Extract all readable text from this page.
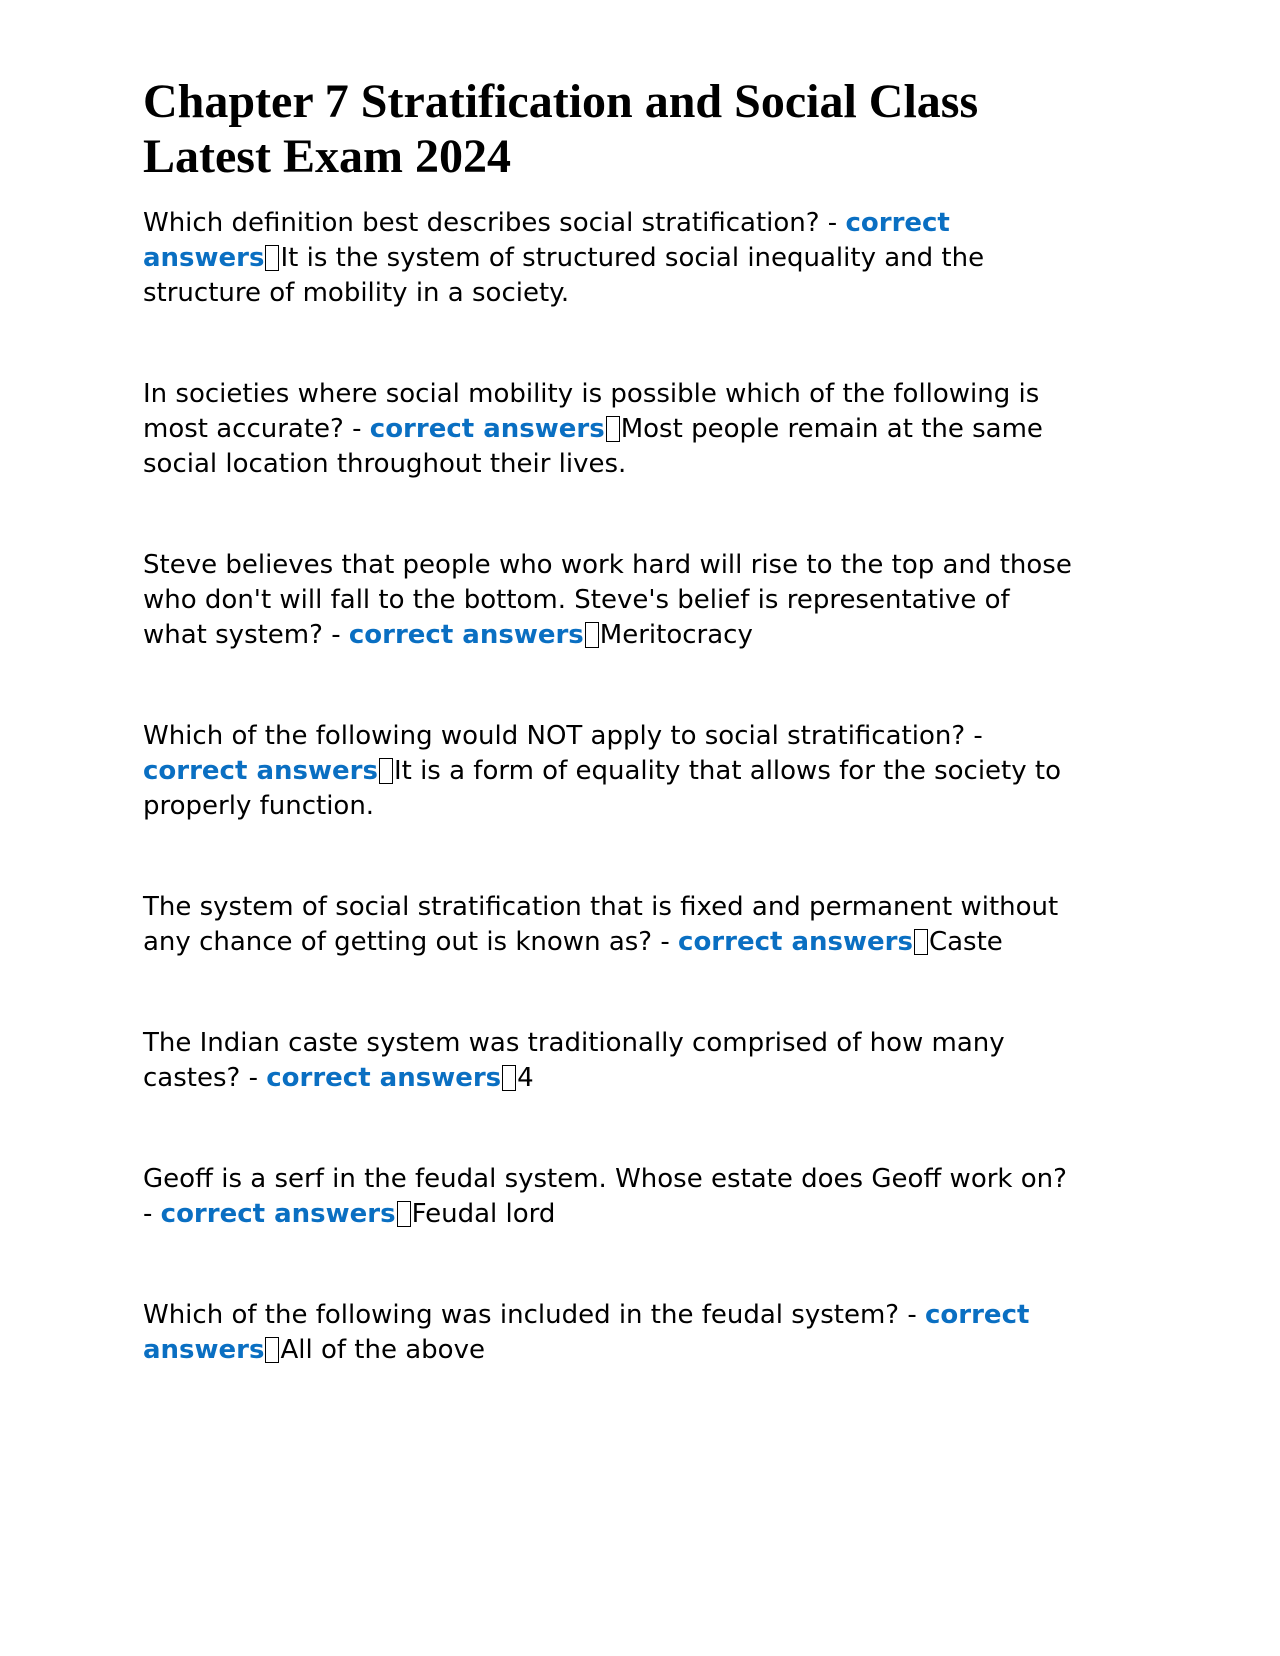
Chapter 7 Stratification and Social Class Latest Exam 2024

Which definition best describes social stratification? - correct answers It is the system of structured social inequality and the structure of mobility in a society.

In societies where social mobility is possible which of the following is most accurate? - correct answers Most people remain at the same social location throughout their lives.

Steve believes that people who work hard will rise to the top and those who don't will fall to the bottom. Steve's belief is representative of what system? - correct answers Meritocracy

Which of the following would NOT apply to social stratification? - correct answers It is a form of equality that allows for the society to properly function.

The system of social stratification that is fixed and permanent without any chance of getting out is known as? - correct answers Caste

The Indian caste system was traditionally comprised of how many castes? - correct answers 4

Geoff is a serf in the feudal system. Whose estate does Geoff work on? - correct answers Feudal lord

Which of the following was included in the feudal system? - correct answers All of the above
